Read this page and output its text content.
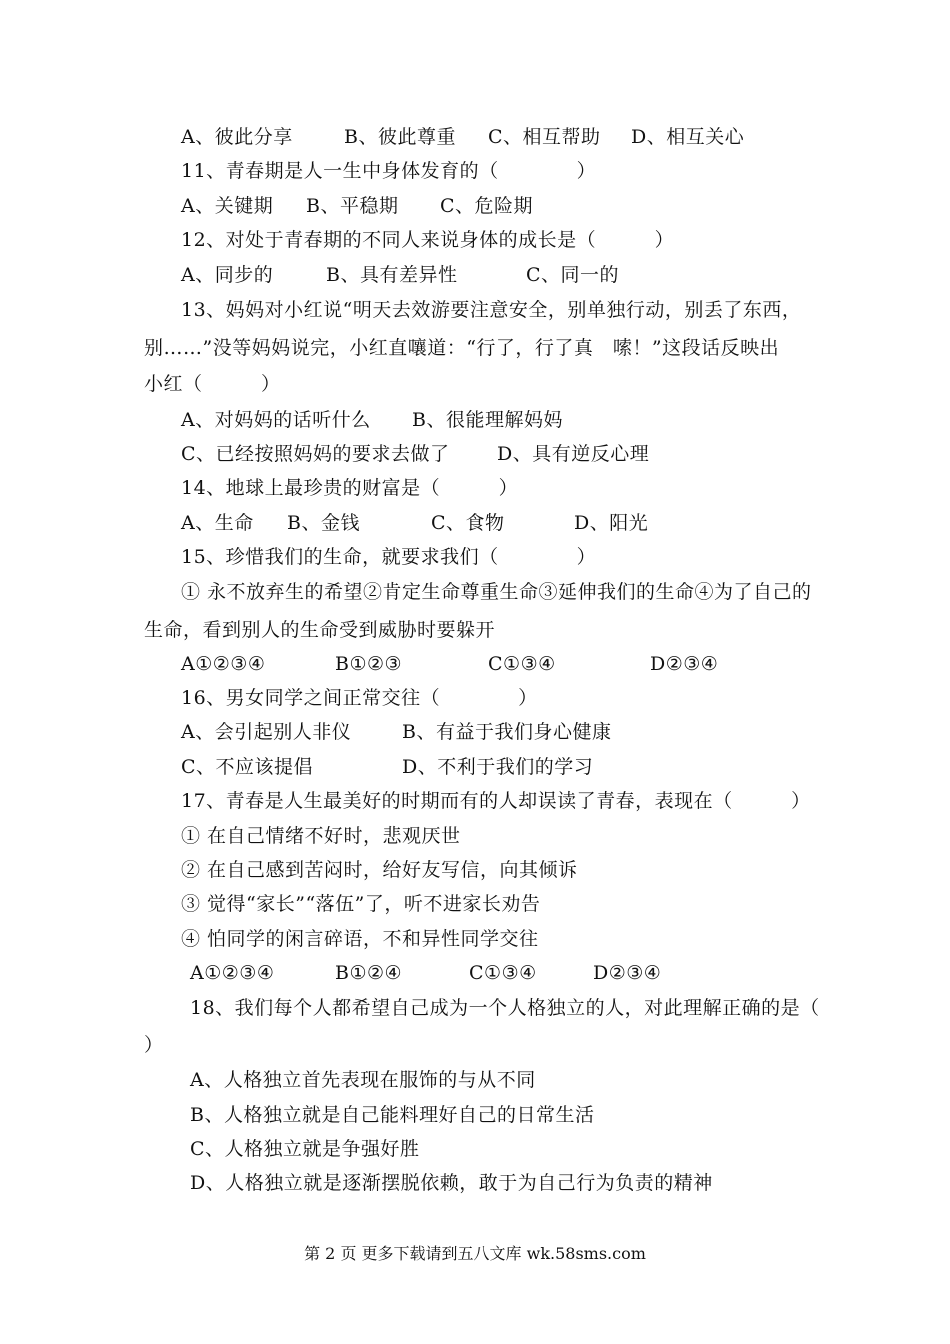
A、彼此分享	B、彼此尊重 C、相互帮助 D、相互关心
11、青春期是人一生中身体发育的（　　　　）
A、关键期 B、平稳期 C、危险期
12、对处于青春期的不同人来说身体的成长是（　　　）
A、同步的	B、具有差异性	C、同一的
13、妈妈对小红说“明天去效游要注意安全，别单独行动，别丢了东西，
别……”没等妈妈说完，小红直嚷道：“行了，行了真　嗦！”这段话反映出
小红（　　　）
A、对妈妈的话听什么 B、很能理解妈妈
C、已经按照妈妈的要求去做了 D、具有逆反心理
14、地球上最珍贵的财富是（　　　）
A、生命 B、金钱	C、食物	D、阳光
15、珍惜我们的生命，就要求我们（　　　　）
① 永不放弃生的希望②肯定生命尊重生命③延伸我们的生命④为了自己的
生命，看到别人的生命受到威胁时要躲开
A①②③④	B①②③	C①③④	D②③④
16、男女同学之间正常交往（　　　　）
A、会引起别人非仪	B、有益于我们身心健康
C、不应该提倡	D、不利于我们的学习
17、青春是人生最美好的时期而有的人却误读了青春，表现在（　　　）
① 在自己情绪不好时，悲观厌世
② 在自己感到苦闷时，给好友写信，向其倾诉
③ 觉得“家长”“落伍”了，听不进家长劝告
④ 怕同学的闲言碎语，不和异性同学交往
A①②③④	B①②④	C①③④	D②③④
18、我们每个人都希望自己成为一个人格独立的人，对此理解正确的是（
）
A、人格独立首先表现在服饰的与从不同
B、人格独立就是自己能料理好自己的日常生活
C、人格独立就是争强好胜
D、人格独立就是逐渐摆脱依赖，敢于为自己行为负责的精神
第 2 页 更多下载请到五八文库 wk.58sms.com
